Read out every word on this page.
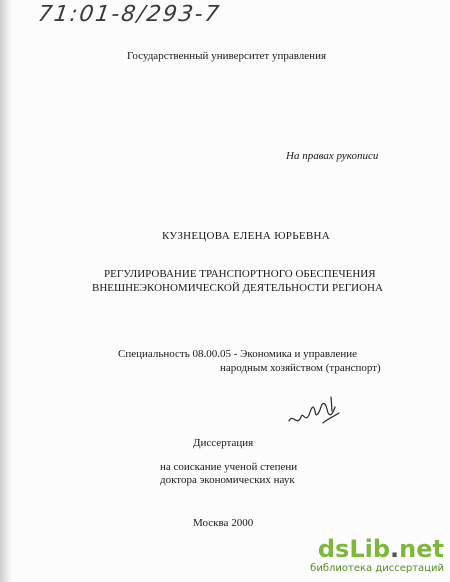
71:01-8/293-7
Государственный университет управления
На правах рукописи
КУЗНЕЦОВА ЕЛЕНА ЮРЬЕВНА
РЕГУЛИРОВАНИЕ ТРАНСПОРТНОГО ОБЕСПЕЧЕНИЯ
ВНЕШНЕЭКОНОМИЧЕСКОЙ ДЕЯТЕЛЬНОСТИ РЕГИОНА
Специальность 08.00.05 - Экономика и управление
народным хозяйством (транспорт)
Диссертация
на соискание ученой степени
доктора экономических наук
Москва 2000
dsLib.net
библиотека диссертаций
